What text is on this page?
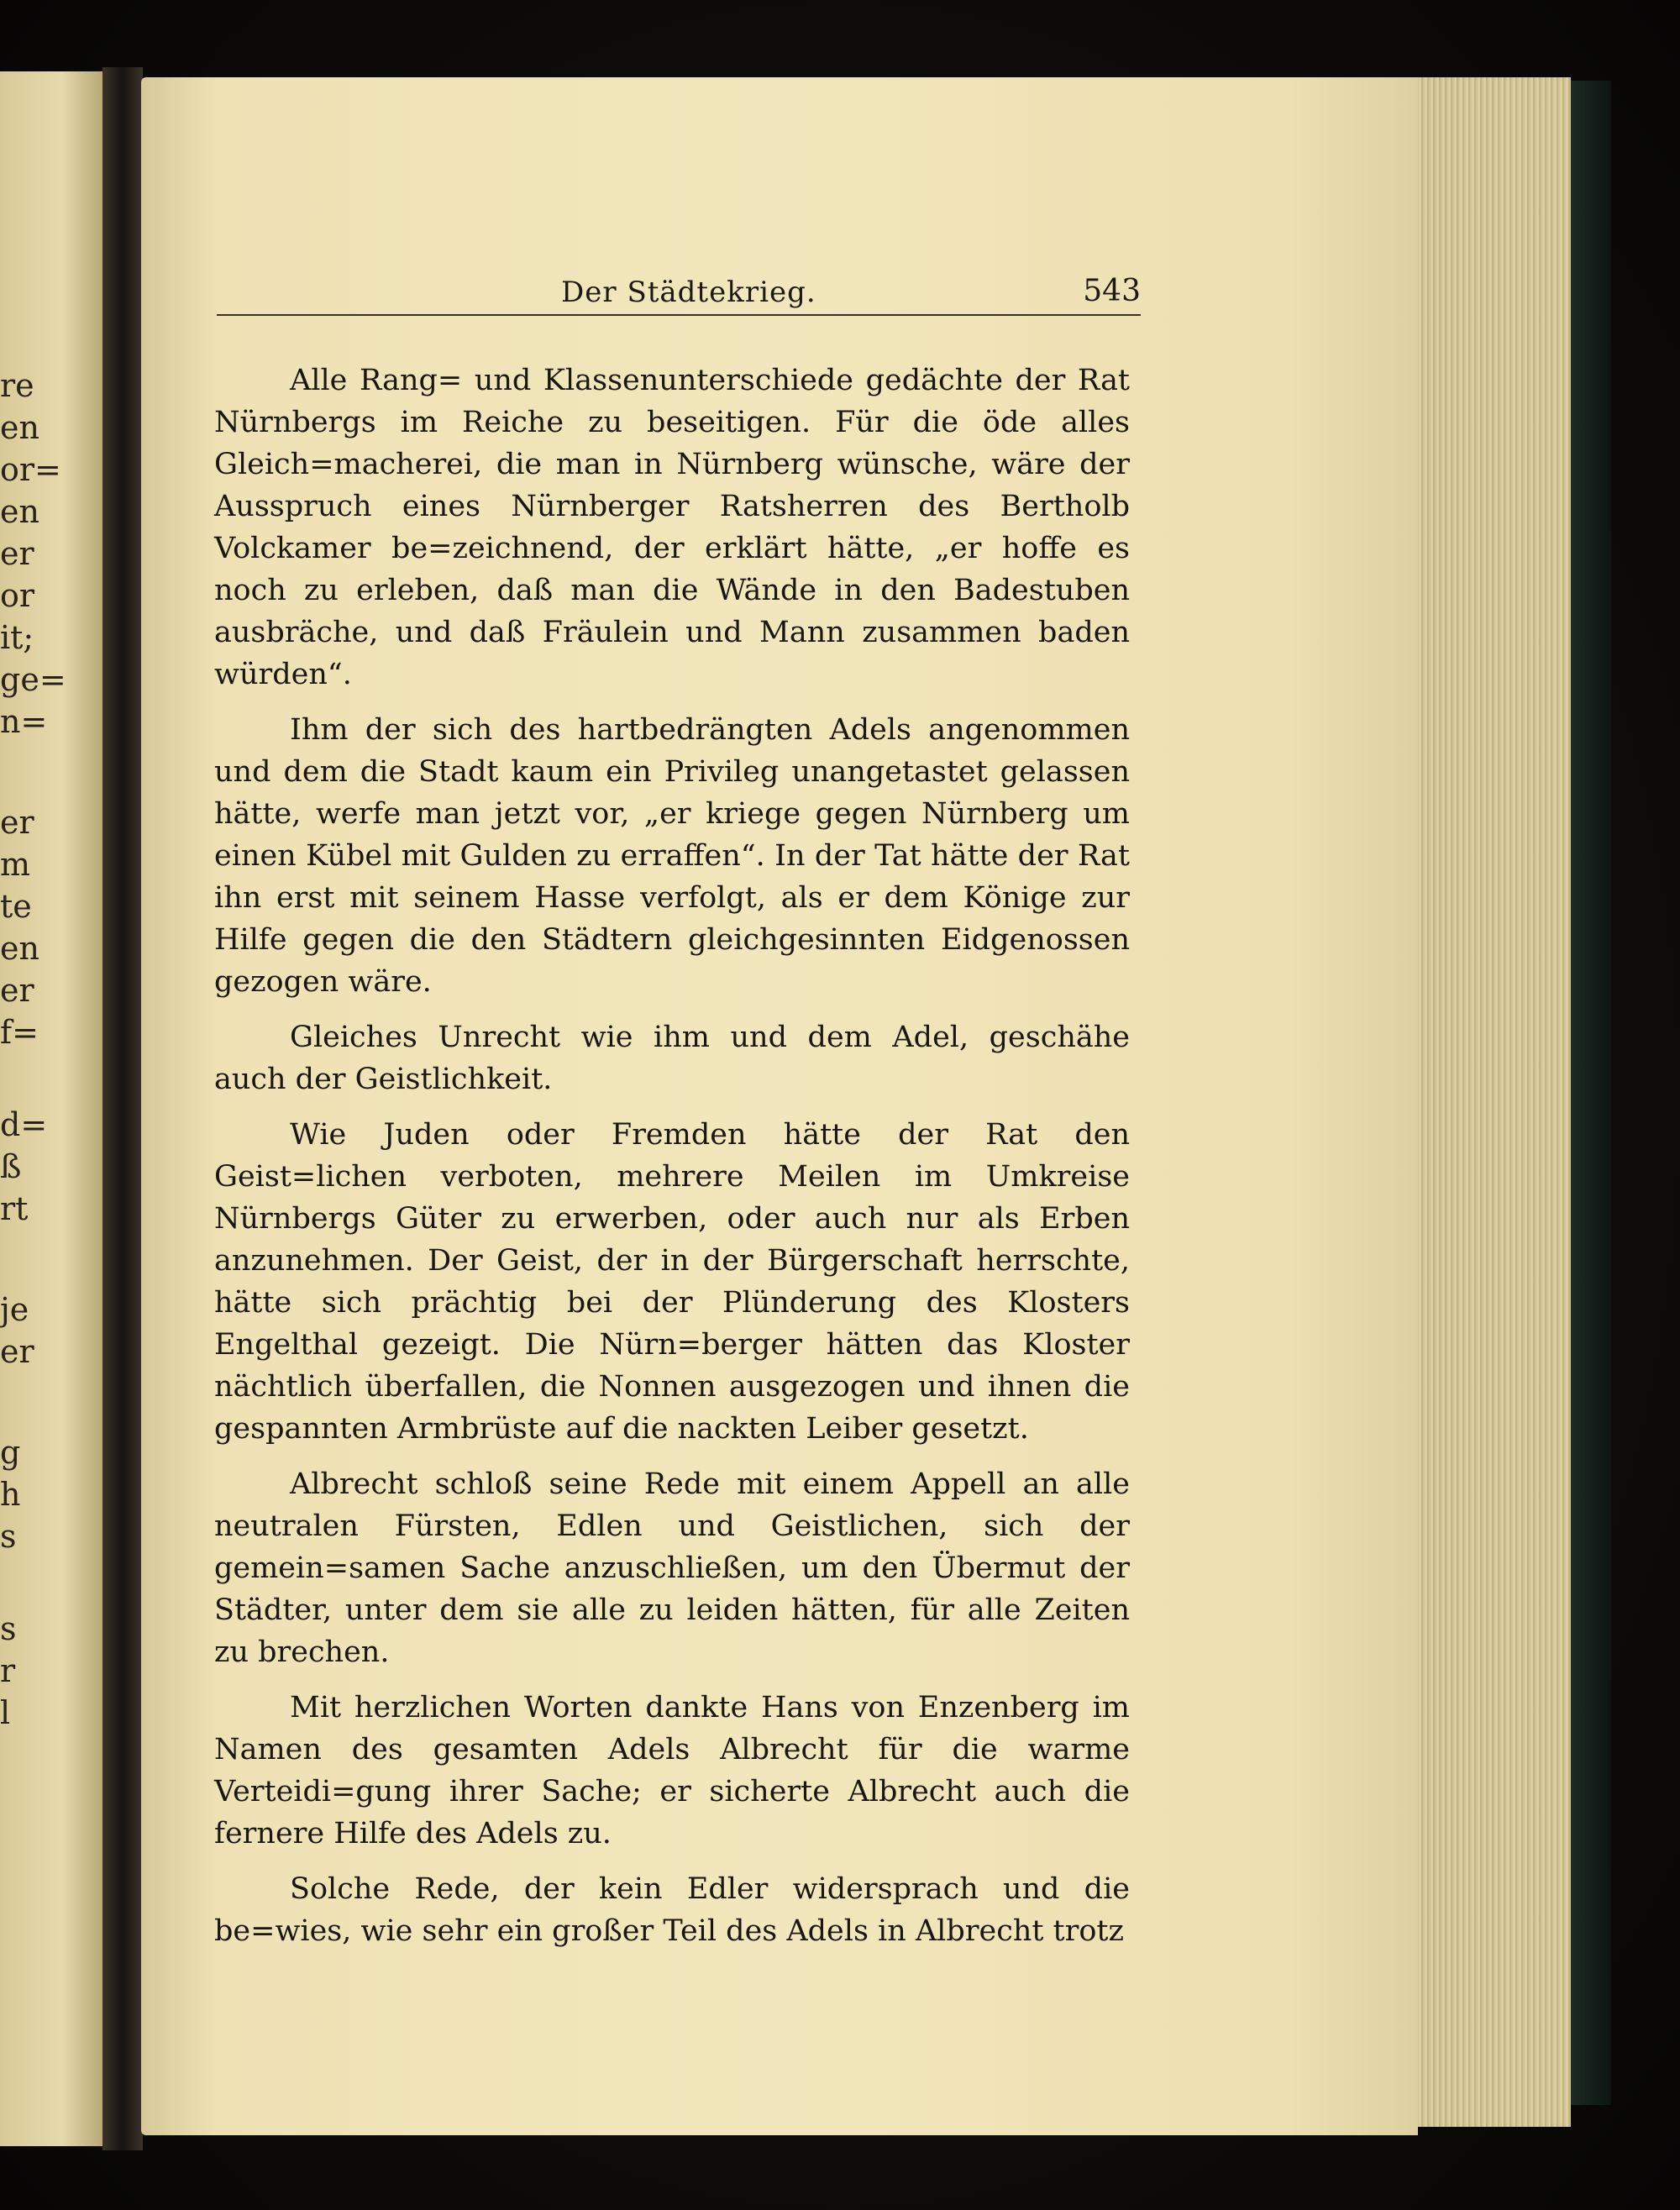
re
en
or=
en
er
or
it;
ge=
n=
er
m
te
en
er
f=
d=
ß
rt
je
er
g
h
s
s
r
l
Der Städtekrieg.	543

Alle Rang= und Klassenunterschiede gedächte der Rat Nürnbergs im Reiche zu beseitigen. Für die öde alles Gleich=macherei, die man in Nürnberg wünsche, wäre der Ausspruch eines Nürnberger Ratsherren des Bertholb Volckamer be=zeichnend, der erklärt hätte, „er hoffe es noch zu erleben, daß man die Wände in den Badestuben ausbräche, und daß Fräulein und Mann zusammen baden würden“.

Ihm der sich des hartbedrängten Adels angenommen und dem die Stadt kaum ein Privileg unangetastet gelassen hätte, werfe man jetzt vor, „er kriege gegen Nürnberg um einen Kübel mit Gulden zu erraffen“. In der Tat hätte der Rat ihn erst mit seinem Hasse verfolgt, als er dem Könige zur Hilfe gegen die den Städtern gleichgesinnten Eidgenossen gezogen wäre.

Gleiches Unrecht wie ihm und dem Adel, geschähe auch der Geistlichkeit.

Wie Juden oder Fremden hätte der Rat den Geist=lichen verboten, mehrere Meilen im Umkreise Nürnbergs Güter zu erwerben, oder auch nur als Erben anzunehmen. Der Geist, der in der Bürgerschaft herrschte, hätte sich prächtig bei der Plünderung des Klosters Engelthal gezeigt. Die Nürn=berger hätten das Kloster nächtlich überfallen, die Nonnen ausgezogen und ihnen die gespannten Armbrüste auf die nackten Leiber gesetzt.

Albrecht schloß seine Rede mit einem Appell an alle neutralen Fürsten, Edlen und Geistlichen, sich der gemein=samen Sache anzuschließen, um den Übermut der Städter, unter dem sie alle zu leiden hätten, für alle Zeiten zu brechen.

Mit herzlichen Worten dankte Hans von Enzenberg im Namen des gesamten Adels Albrecht für die warme Verteidi=gung ihrer Sache; er sicherte Albrecht auch die fernere Hilfe des Adels zu.

Solche Rede, der kein Edler widersprach und die be=wies, wie sehr ein großer Teil des Adels in Albrecht trotz
